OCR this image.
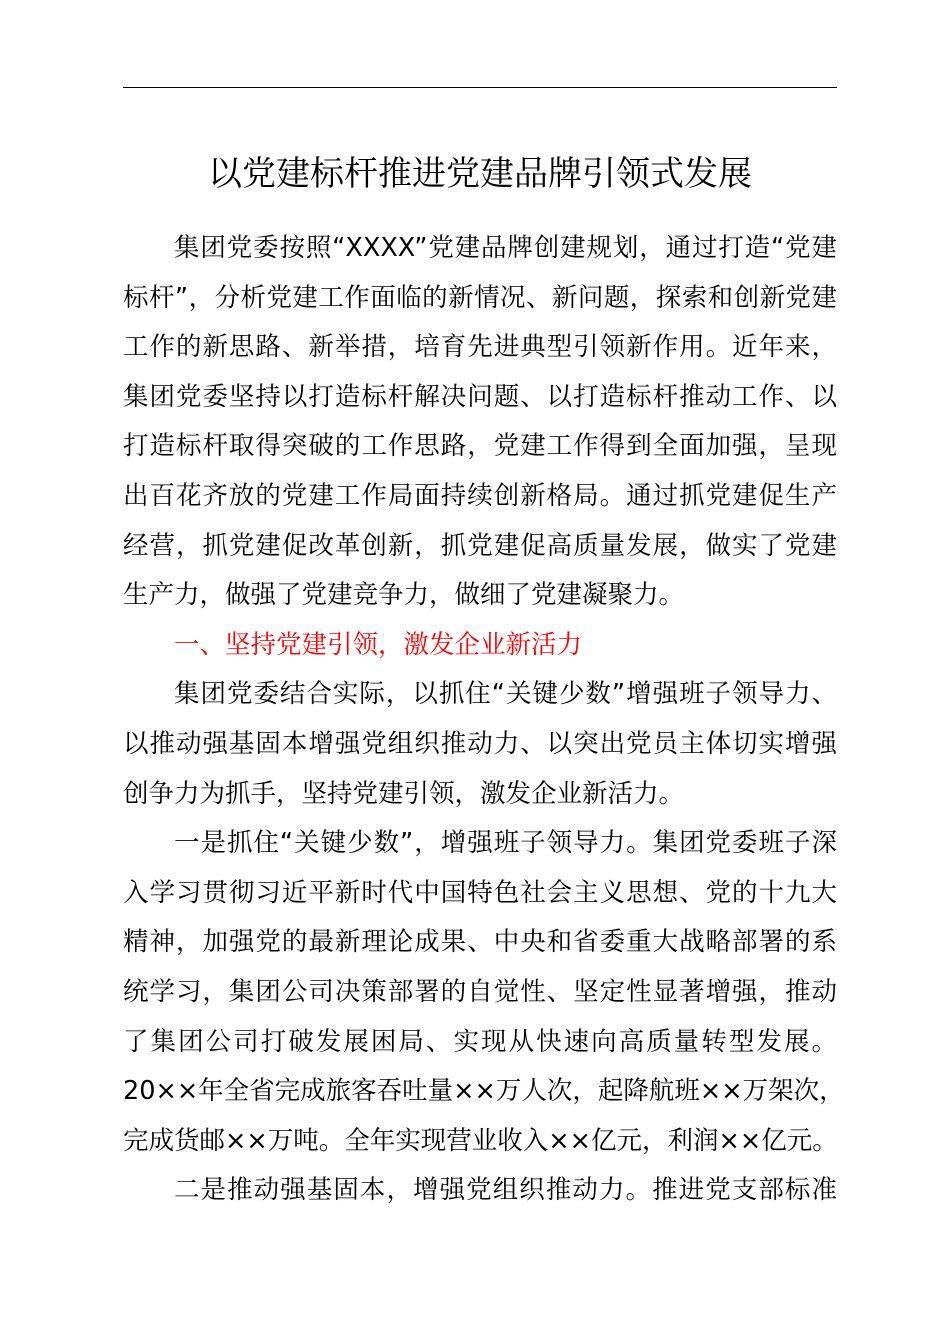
以党建标杆推进党建品牌引领式发展
集团党委按照“XXXX”党建品牌创建规划，通过打造“党建
标杆”，分析党建工作面临的新情况、新问题，探索和创新党建
工作的新思路、新举措，培育先进典型引领新作用。近年来，
集团党委坚持以打造标杆解决问题、以打造标杆推动工作、以
打造标杆取得突破的工作思路，党建工作得到全面加强，呈现
出百花齐放的党建工作局面持续创新格局。通过抓党建促生产
经营，抓党建促改革创新，抓党建促高质量发展，做实了党建
生产力，做强了党建竞争力，做细了党建凝聚力。
一、坚持党建引领，激发企业新活力
集团党委结合实际，以抓住“关键少数”增强班子领导力、
以推动强基固本增强党组织推动力、以突出党员主体切实增强
创争力为抓手，坚持党建引领，激发企业新活力。
一是抓住“关键少数”，增强班子领导力。集团党委班子深
入学习贯彻习近平新时代中国特色社会主义思想、党的十九大
精神，加强党的最新理论成果、中央和省委重大战略部署的系
统学习，集团公司决策部署的自觉性、坚定性显著增强，推动
了集团公司打破发展困局、实现从快速向高质量转型发展。
20××年全省完成旅客吞吐量××万人次，起降航班××万架次，
完成货邮××万吨。全年实现营业收入××亿元，利润××亿元。
二是推动强基固本，增强党组织推动力。推进党支部标准
